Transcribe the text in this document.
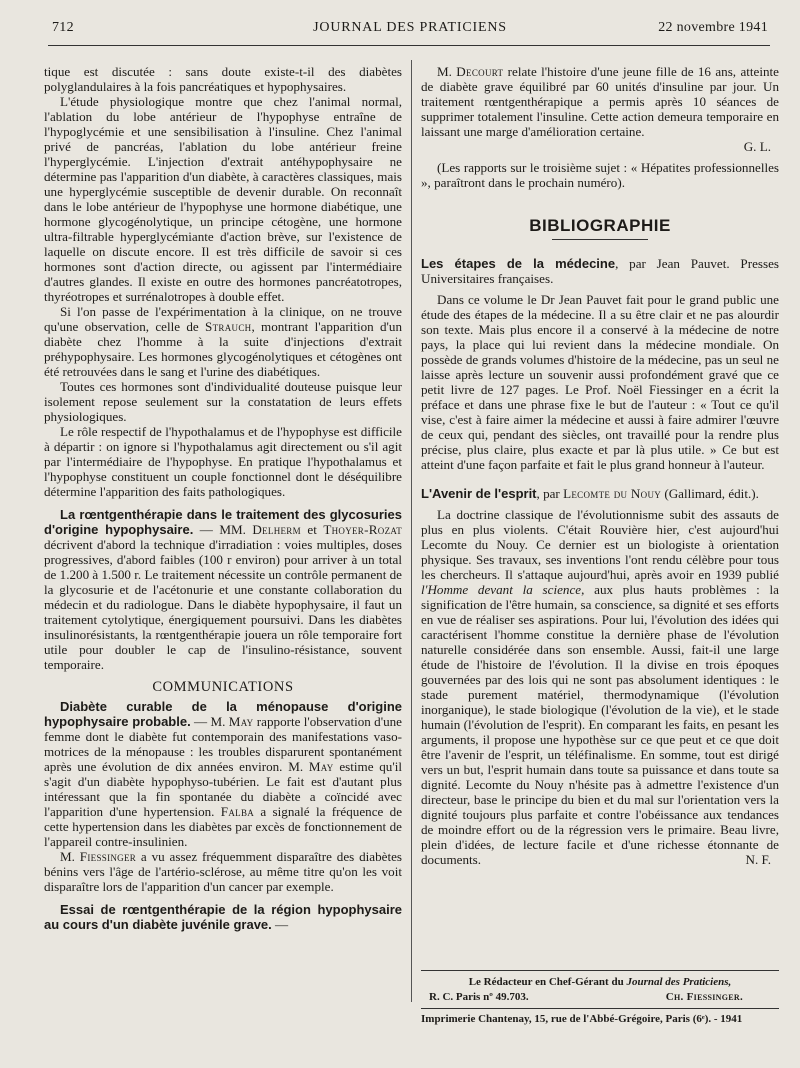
712	JOURNAL DES PRATICIENS	22 novembre 1941

tique est discutée : sans doute existe-t-il des diabètes polyglandulaires à la fois pancréatiques et hypophysaires.

L'étude physiologique montre que chez l'animal normal, l'ablation du lobe antérieur de l'hypophyse entraîne de l'hypoglycémie et une sensibilisation à l'insuline. Chez l'animal privé de pancréas, l'ablation du lobe antérieur freine l'hyperglycémie. L'injection d'extrait antéhypophysaire ne détermine pas l'apparition d'un diabète, à caractères classiques, mais une hyperglycémie susceptible de devenir durable. On reconnaît dans le lobe antérieur de l'hypophyse une hormone diabétique, une hormone glycogénolytique, un principe cétogène, une hormone ultra-filtrable hyperglycémiante d'action brève, sur l'existence de laquelle on discute encore. Il est très difficile de savoir si ces hormones sont d'action directe, ou agissent par l'intermédiaire d'autres glandes. Il existe en outre des hormones pancréatotropes, thyréotropes et surrénalotropes à double effet.

Si l'on passe de l'expérimentation à la clinique, on ne trouve qu'une observation, celle de Strauch, montrant l'apparition d'un diabète chez l'homme à la suite d'injections d'extrait préhypophysaire. Les hormones glycogénolytiques et cétogènes ont été retrouvées dans le sang et l'urine des diabétiques.

Toutes ces hormones sont d'individualité douteuse puisque leur isolement repose seulement sur la constatation de leurs effets physiologiques.

Le rôle respectif de l'hypothalamus et de l'hypophyse est difficile à départir : on ignore si l'hypothalamus agit directement ou s'il agit par l'intermédiaire de l'hypophyse. En pratique l'hypothalamus et l'hypophyse constituent un couple fonctionnel dont le déséquilibre détermine l'apparition des faits pathologiques.

La rœntgenthérapie dans le traitement des glycosuries d'origine hypophysaire. — MM. Delherm et Thoyer-Rozat décrivent d'abord la technique d'irradiation : voies multiples, doses progressives, d'abord faibles (100 r environ) pour arriver à un total de 1.200 à 1.500 r. Le traitement nécessite un contrôle permanent de la glycosurie et de l'acétonurie et une constante collaboration du médecin et du radiologue. Dans le diabète hypophysaire, il faut un traitement cytolytique, énergiquement poursuivi. Dans les diabètes insulinorésistants, la rœntgenthérapie jouera un rôle temporaire fort utile pour doubler le cap de l'insulino-résistance, souvent temporaire.

COMMUNICATIONS

Diabète curable de la ménopause d'origine hypophysaire probable. — M. May rapporte l'observation d'une femme dont le diabète fut contemporain des manifestations vaso-motrices de la ménopause : les troubles disparurent spontanément après une évolution de dix années environ. M. May estime qu'il s'agit d'un diabète hypophyso-tubérien. Le fait est d'autant plus intéressant que la fin spontanée du diabète a coïncidé avec l'apparition d'une hypertension. Falba a signalé la fréquence de cette hypertension dans les diabètes par excès de fonctionnement de l'appareil contre-insulinien.

M. Fiessinger a vu assez fréquemment disparaître des diabètes bénins vers l'âge de l'artério-sclérose, au même titre qu'on les voit disparaître lors de l'apparition d'un cancer par exemple.

Essai de rœntgenthérapie de la région hypophysaire au cours d'un diabète juvénile grave. —

M. Decourt relate l'histoire d'une jeune fille de 16 ans, atteinte de diabète grave équilibré par 60 unités d'insuline par jour. Un traitement rœntgenthérapique a permis après 10 séances de supprimer totalement l'insuline. Cette action demeura temporaire en laissant une marge d'amélioration certaine.

G. L.

(Les rapports sur le troisième sujet : « Hépatites professionnelles », paraîtront dans le prochain numéro).

BIBLIOGRAPHIE

Les étapes de la médecine, par Jean Pauvet. Presses Universitaires françaises.

Dans ce volume le Dr Jean Pauvet fait pour le grand public une étude des étapes de la médecine. Il a su être clair et ne pas alourdir son texte. Mais plus encore il a conservé à la médecine de notre pays, la place qui lui revient dans la médecine mondiale. On possède de grands volumes d'histoire de la médecine, pas un seul ne laisse après lecture un souvenir aussi profondément gravé que ce petit livre de 127 pages. Le Prof. Noël Fiessinger en a écrit la préface et dans une phrase fixe le but de l'auteur : « Tout ce qu'il vise, c'est à faire aimer la médecine et aussi à faire admirer l'œuvre de ceux qui, pendant des siècles, ont travaillé pour la rendre plus précise, plus claire, plus exacte et par là plus utile. » Ce but est atteint d'une façon parfaite et fait le plus grand honneur à l'auteur.

L'Avenir de l'esprit, par Lecomte du Nouy (Gallimard, édit.).

La doctrine classique de l'évolutionnisme subit des assauts de plus en plus violents. C'était Rouvière hier, c'est aujourd'hui Lecomte du Nouy. Ce dernier est un biologiste à orientation physique. Ses travaux, ses inventions l'ont rendu célèbre pour tous les chercheurs. Il s'attaque aujourd'hui, après avoir en 1939 publié l'Homme devant la science, aux plus hauts problèmes : la signification de l'être humain, sa conscience, sa dignité et ses efforts en vue de réaliser ses aspirations. Pour lui, l'évolution des idées qui caractérisent l'homme constitue la dernière phase de l'évolution naturelle considérée dans son ensemble. Aussi, fait-il une large étude de l'histoire de l'évolution. Il la divise en trois époques gouvernées par des lois qui ne sont pas absolument identiques : le stade purement matériel, thermodynamique (l'évolution inorganique), le stade biologique (l'évolution de la vie), et le stade humain (l'évolution de l'esprit). En comparant les faits, en pesant les arguments, il propose une hypothèse sur ce que peut et ce que doit être l'avenir de l'esprit, un téléfinalisme. En somme, tout est dirigé vers un but, l'esprit humain dans toute sa puissance et dans toute sa dignité. Lecomte du Nouy n'hésite pas à admettre l'existence d'un directeur, base le principe du bien et du mal sur l'orientation vers la dignité toujours plus parfaite et contre l'obéissance aux tendances de moindre effort ou de la régression vers le primaire. Beau livre, plein d'idées, de lecture facile et d'une richesse étonnante de documents.	N. F.
Le Rédacteur en Chef-Gérant du Journal des Praticiens,
R. C. Paris nº 49.703.	Ch. Fiessinger.
Imprimerie Chantenay, 15, rue de l'Abbé-Grégoire, Paris (6ᵉ). - 1941
